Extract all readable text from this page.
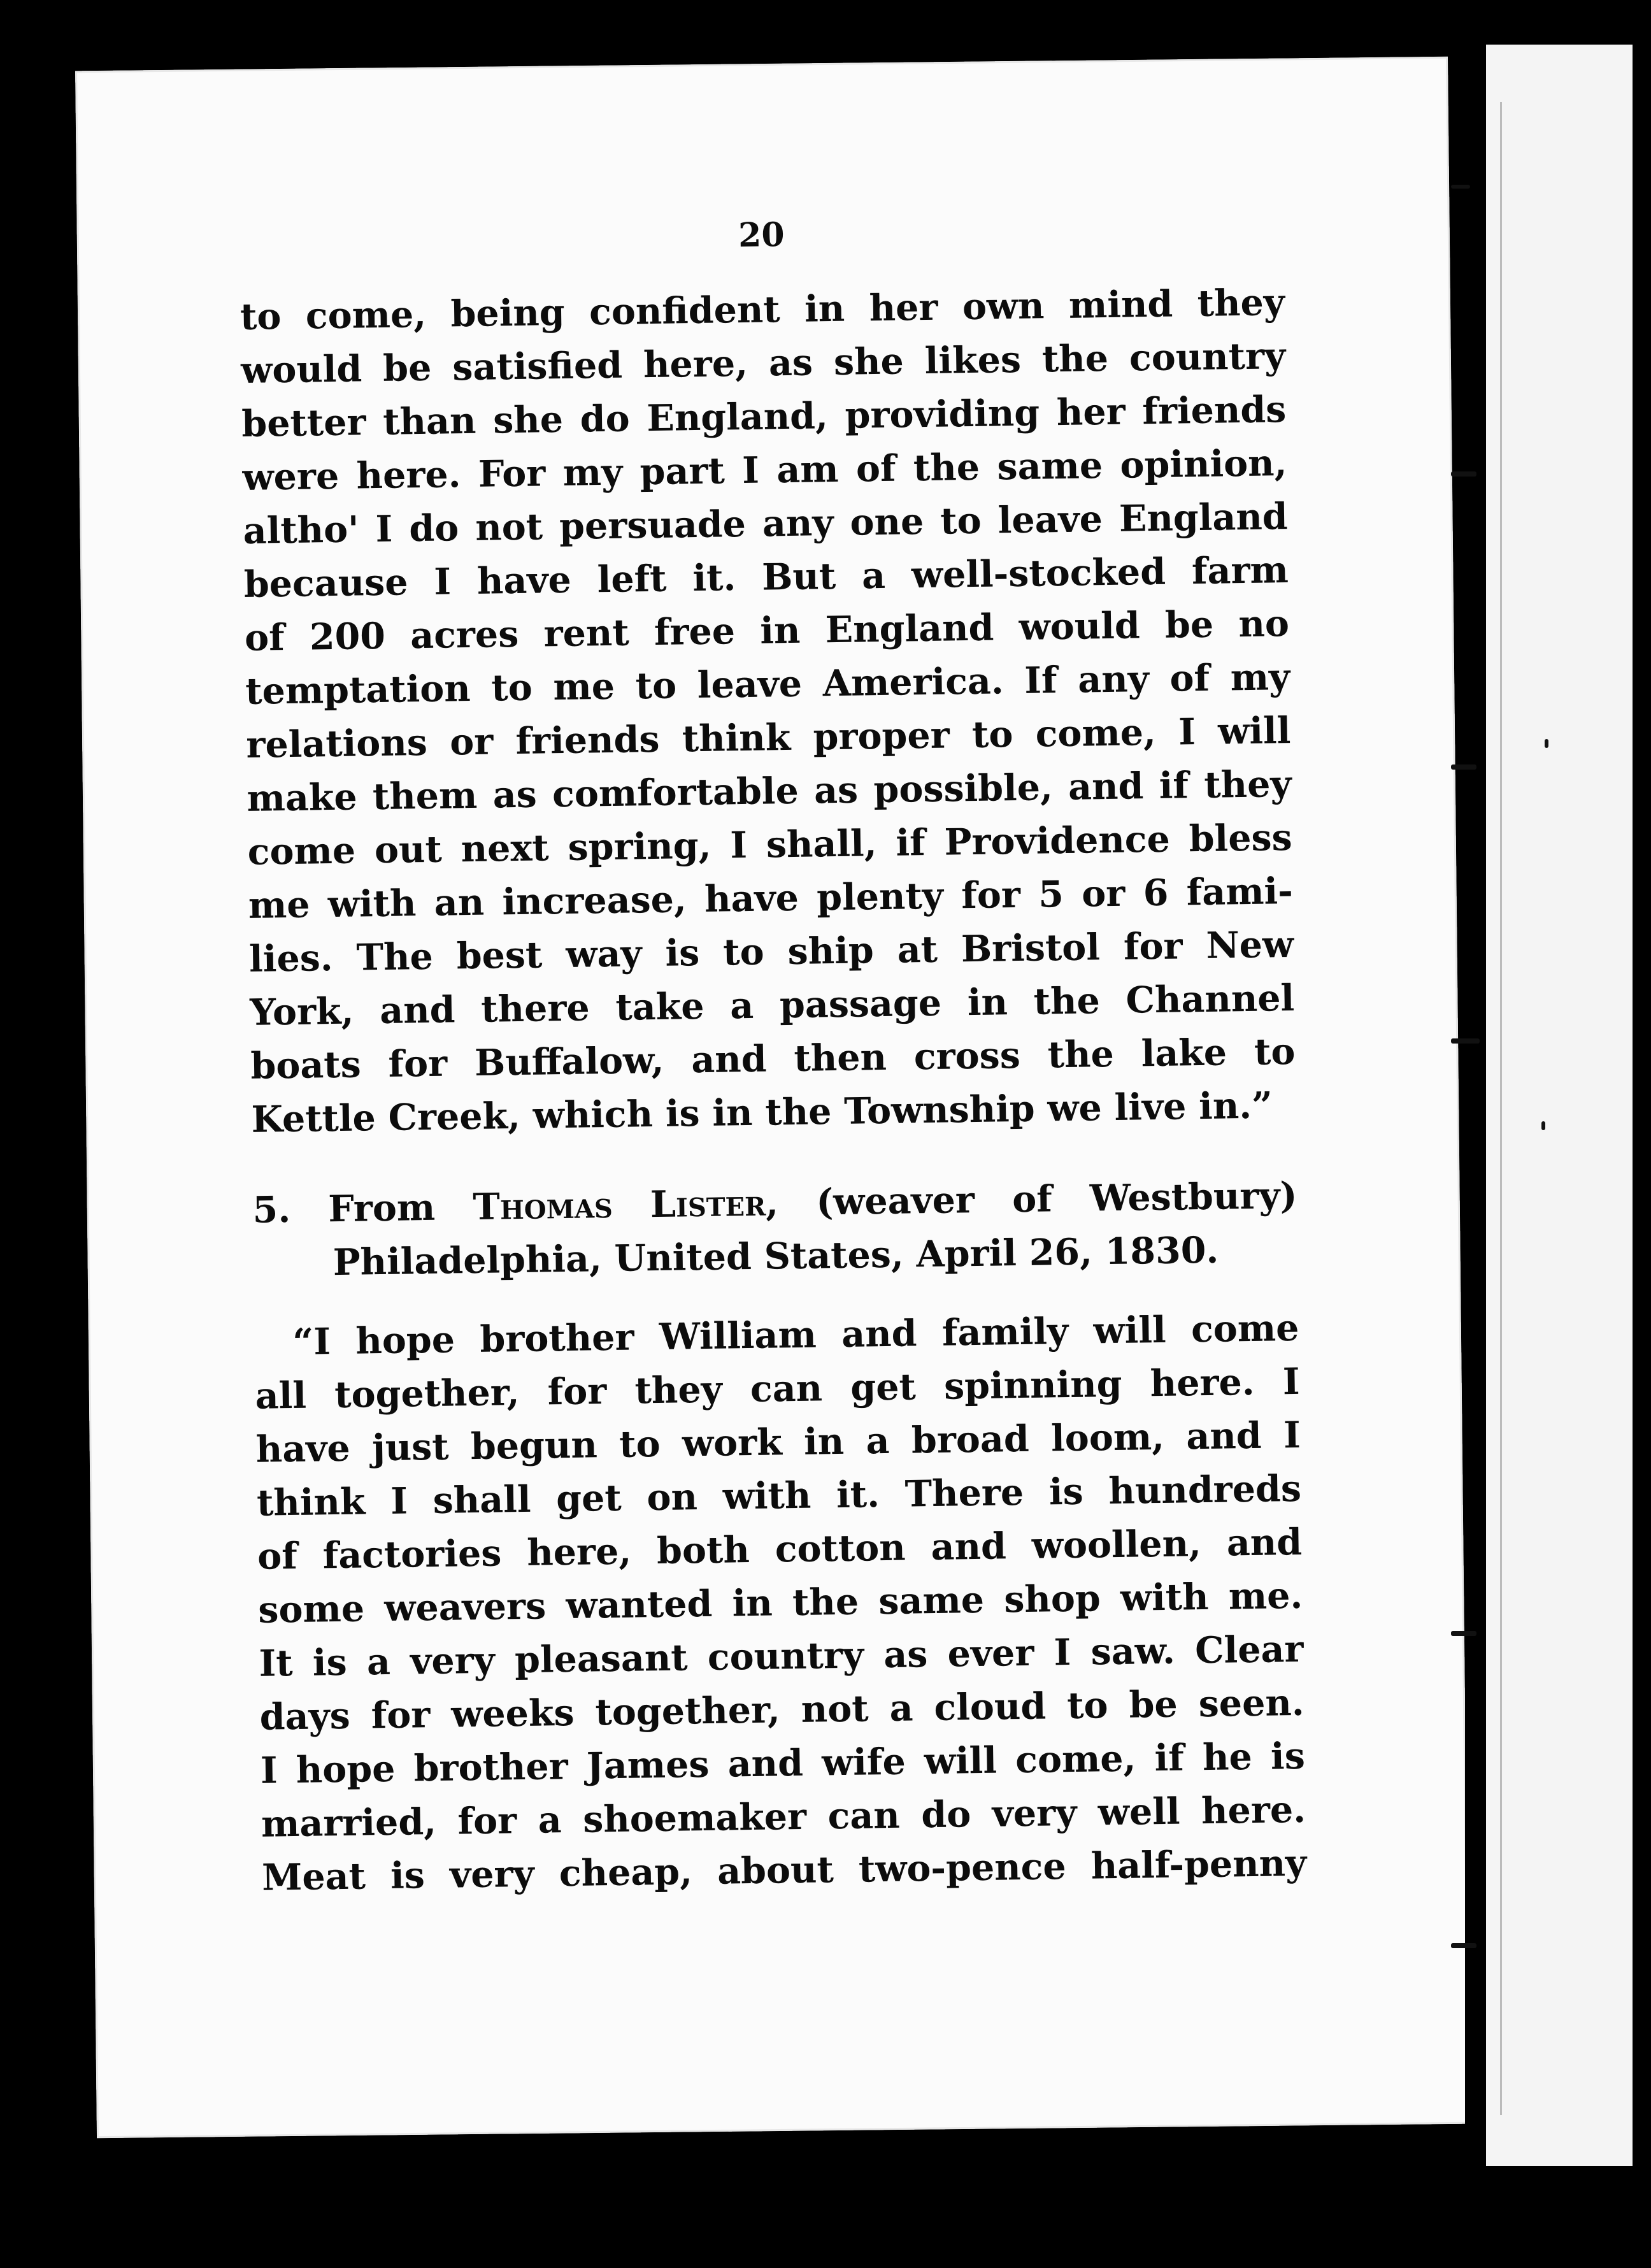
20
to come, being confident in her own mind they
would be satisfied here, as she likes the country
better than she do England, providing her friends
were here. For my part I am of the same opinion,
altho' I do not persuade any one to leave England
because I have left it. But a well-stocked farm
of 200 acres rent free in England would be no
temptation to me to leave America. If any of my
relations or friends think proper to come, I will
make them as comfortable as possible, and if they
come out next spring, I shall, if Providence bless
me with an increase, have plenty for 5 or 6 fami-
lies. The best way is to ship at Bristol for New
York, and there take a passage in the Channel
boats for Buffalow, and then cross the lake to
Kettle Creek, which is in the Township we live in.”
5. From Thomas Lister, (weaver of Westbury)
Philadelphia, United States, April 26, 1830.
“I hope brother William and family will come
all together, for they can get spinning here. I
have just begun to work in a broad loom, and I
think I shall get on with it. There is hundreds
of factories here, both cotton and woollen, and
some weavers wanted in the same shop with me.
It is a very pleasant country as ever I saw. Clear
days for weeks together, not a cloud to be seen.
I hope brother James and wife will come, if he is
married, for a shoemaker can do very well here.
Meat is very cheap, about two-pence half-penny
